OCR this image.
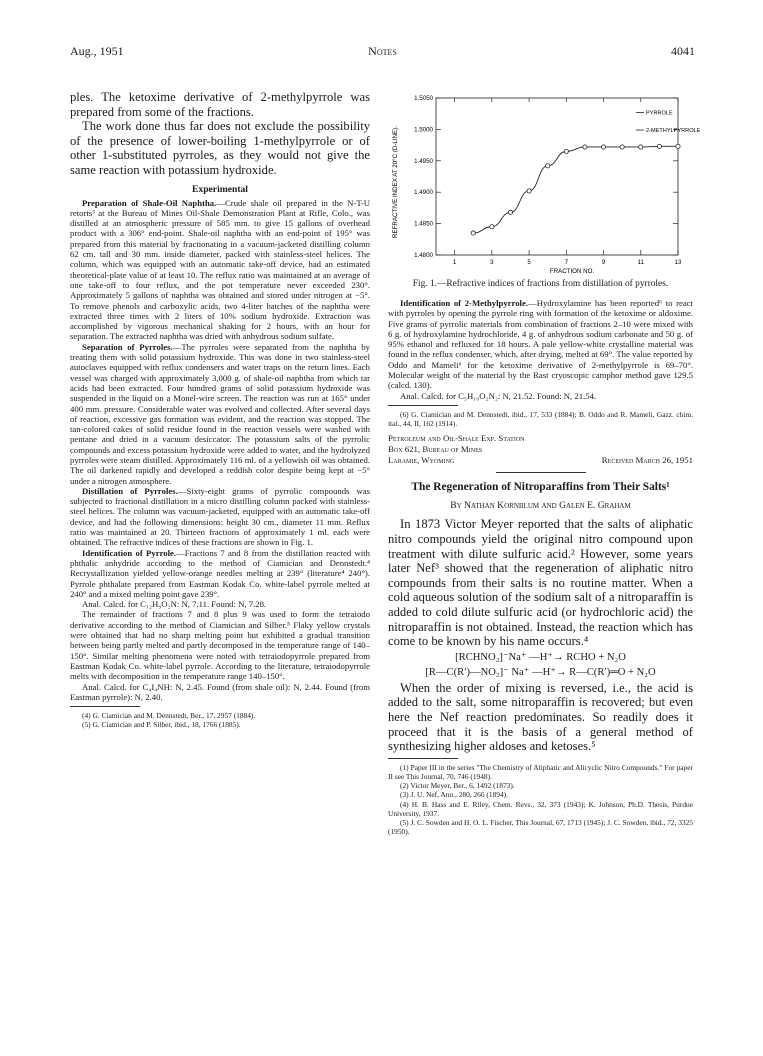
Aug., 1951	Notes	4041

ples. The ketoxime derivative of 2-methylpyrrole was prepared from some of the fractions.

The work done thus far does not exclude the possibility of the presence of lower-boiling 1-methylpyrrole or of other 1-substituted pyrroles, as they would not give the same reaction with potassium hydroxide.

Experimental

Preparation of Shale-Oil Naphtha.—Crude shale oil prepared in the N-T-U retorts³ at the Bureau of Mines Oil-Shale Demonstration Plant at Rifle, Colo., was distilled at an atmospheric pressure of 585 mm. to give 15 gallons of overhead product with a 306° end-point. Shale-oil naphtha with an end-point of 195° was prepared from this material by fractionating in a vacuum-jacketed distilling column 62 cm. tall and 30 mm. inside diameter, packed with stainless-steel helices. The column, which was equipped with an automatic take-off device, had an estimated theoretical-plate value of at least 10. The reflux ratio was maintained at an average of one take-off to four reflux, and the pot temperature never exceeded 230°. Approximately 5 gallons of naphtha was obtained and stored under nitrogen at −5°. To remove phenols and carboxylic acids, two 4-liter batches of the naphtha were extracted three times with 2 liters of 10% sodium hydroxide. Extraction was accomplished by vigorous mechanical shaking for 2 hours, with an hour for separation. The extracted naphtha was dried with anhydrous sodium sulfate.

Separation of Pyrroles.—The pyrroles were separated from the naphtha by treating them with solid potassium hydroxide. This was done in two stainless-steel autoclaves equipped with reflux condensers and water traps on the return lines. Each vessel was charged with approximately 3,000 g. of shale-oil naphtha from which tar acids had been extracted. Four hundred grams of solid potassium hydroxide was suspended in the liquid on a Monel-wire screen. The reaction was run at 165° under 400 mm. pressure. Considerable water was evolved and collected. After several days of reaction, excessive gas formation was evident, and the reaction was stopped. The tan-colored cakes of solid residue found in the reaction vessels were washed with pentane and dried in a vacuum desiccator. The potassium salts of the pyrrolic compounds and excess potassium hydroxide were added to water, and the hydrolyzed pyrroles were steam distilled. Approximately 116 ml. of a yellowish oil was obtained. The oil darkened rapidly and developed a reddish color despite being kept at −5° under a nitrogen atmosphere.

Distillation of Pyrroles.—Sixty-eight grams of pyrrolic compounds was subjected to fractional distillation in a micro distilling column packed with stainless-steel helices. The column was vacuum-jacketed, equipped with an automatic take-off device, and had the following dimensions: height 30 cm., diameter 11 mm. Reflux ratio was maintained at 20. Thirteen fractions of approximately 1 ml. each were obtained. The refractive indices of these fractions are shown in Fig. 1.

Identification of Pyrrole.—Fractions 7 and 8 from the distillation reacted with phthalic anhydride according to the method of Ciamician and Dennstedt.⁴ Recrystallization yielded yellow-orange needles melting at 239° (literature⁴ 240°). Pyrrole phthalate prepared from Eastman Kodak Co. white-label pyrrole melted at 240° and a mixed melting point gave 239°.

Anal. Calcd. for C₁₂H₉O₂N: N, 7.11. Found: N, 7.28.

The remainder of fractions 7 and 8 plus 9 was used to form the tetraiodo derivative according to the method of Ciamician and Silber.⁵ Flaky yellow crystals were obtained that had no sharp melting point but exhibited a gradual transition between being partly melted and partly decomposed in the temperature range of 140–150°. Similar melting phenomena were noted with tetraiodopyrrole prepared from Eastman Kodak Co. white-label pyrrole. According to the literature, tetraiodopyrrole melts with decomposition in the temperature range 140–150°.

Anal. Calcd. for C₄I₄NH: N, 2.45. Found (from shale oil): N, 2.44. Found (from Eastman pyrrole): N, 2.40.

(4) G. Ciamician and M. Dennstedt, Ber., 17, 2957 (1884).

(5) G. Ciamician and P. Silber, ibid., 18, 1766 (1885).

REFRACTIVE INDEX AT 20°C (D-LINE).
FRACTION NO.
1.4800
1.4850
1.4900
1.4950
1.5000
1.5050
1	3	5	7	9	11	13
PYRROLE
2-METHYLPYRROLE

Fig. 1.—Refractive indices of fractions from distillation of pyrroles.

Identification of 2-Methylpyrrole.—Hydroxylamine has been reported⁶ to react with pyrroles by opening the pyrrole ring with formation of the ketoxime or aldoxime. Five grams of pyrrolic materials from combination of fractions 2–10 were mixed with 6 g. of hydroxylamine hydrochloride, 4 g. of anhydrous sodium carbonate and 50 g. of 95% ethanol and refluxed for 18 hours. A pale yellow-white crystalline material was found in the reflux condenser, which, after drying, melted at 69°. The value reported by Oddo and Mameli⁶ for the ketoxime derivative of 2-methylpyrrole is 69–70°. Molecular weight of the material by the Rast cryoscopic camphor method gave 129.5 (calcd. 130).

Anal. Calcd. for C₅H₁₀O₂N₂: N, 21.52. Found: N, 21.54.

(6) G. Ciamician and M. Dennstedt, ibid., 17, 533 (1884); B. Oddo and R. Mameli, Gazz. chim. ital., 44, II, 162 (1914).

Petroleum and Oil-Shale Exp. Station
Box 621, Bureau of Mines
Laramie, Wyoming	Received March 26, 1951
The Regeneration of Nitroparaffins from Their Salts¹
By Nathan Kornblum and Galen E. Graham

In 1873 Victor Meyer reported that the salts of aliphatic nitro compounds yield the original nitro compound upon treatment with dilute sulfuric acid.² However, some years later Nef³ showed that the regeneration of aliphatic nitro compounds from their salts is no routine matter. When a cold aqueous solution of the sodium salt of a nitroparaffin is added to cold dilute sulfuric acid (or hydrochloric acid) the nitroparaffin is not obtained. Instead, the reaction which has come to be known by his name occurs.⁴

[RCHNO₂]⁻Na⁺ —H⁺→ RCHO + N₂O
[R—C(R′)—NO₂]⁻ Na⁺ —H⁺→ R—C(R′)═O + N₂O

When the order of mixing is reversed, i.e., the acid is added to the salt, some nitroparaffin is recovered; but even here the Nef reaction predominates. So readily does it proceed that it is the basis of a general method of synthesizing higher aldoses and ketoses.⁵

(1) Paper III in the series "The Chemistry of Aliphatic and Alicyclic Nitro Compounds." For paper II see This Journal, 70, 746 (1948).

(2) Victor Meyer, Ber., 6, 1492 (1873).

(3) J. U. Nef, Ann., 280, 266 (1894).

(4) H. B. Hass and E. Riley, Chem. Revs., 32, 373 (1943); K. Johnson, Ph.D. Thesis, Purdue University, 1937.

(5) J. C. Sowden and H. O. L. Fischer, This Journal, 67, 1713 (1945); J. C. Sowden, ibid., 72, 3325 (1950).
